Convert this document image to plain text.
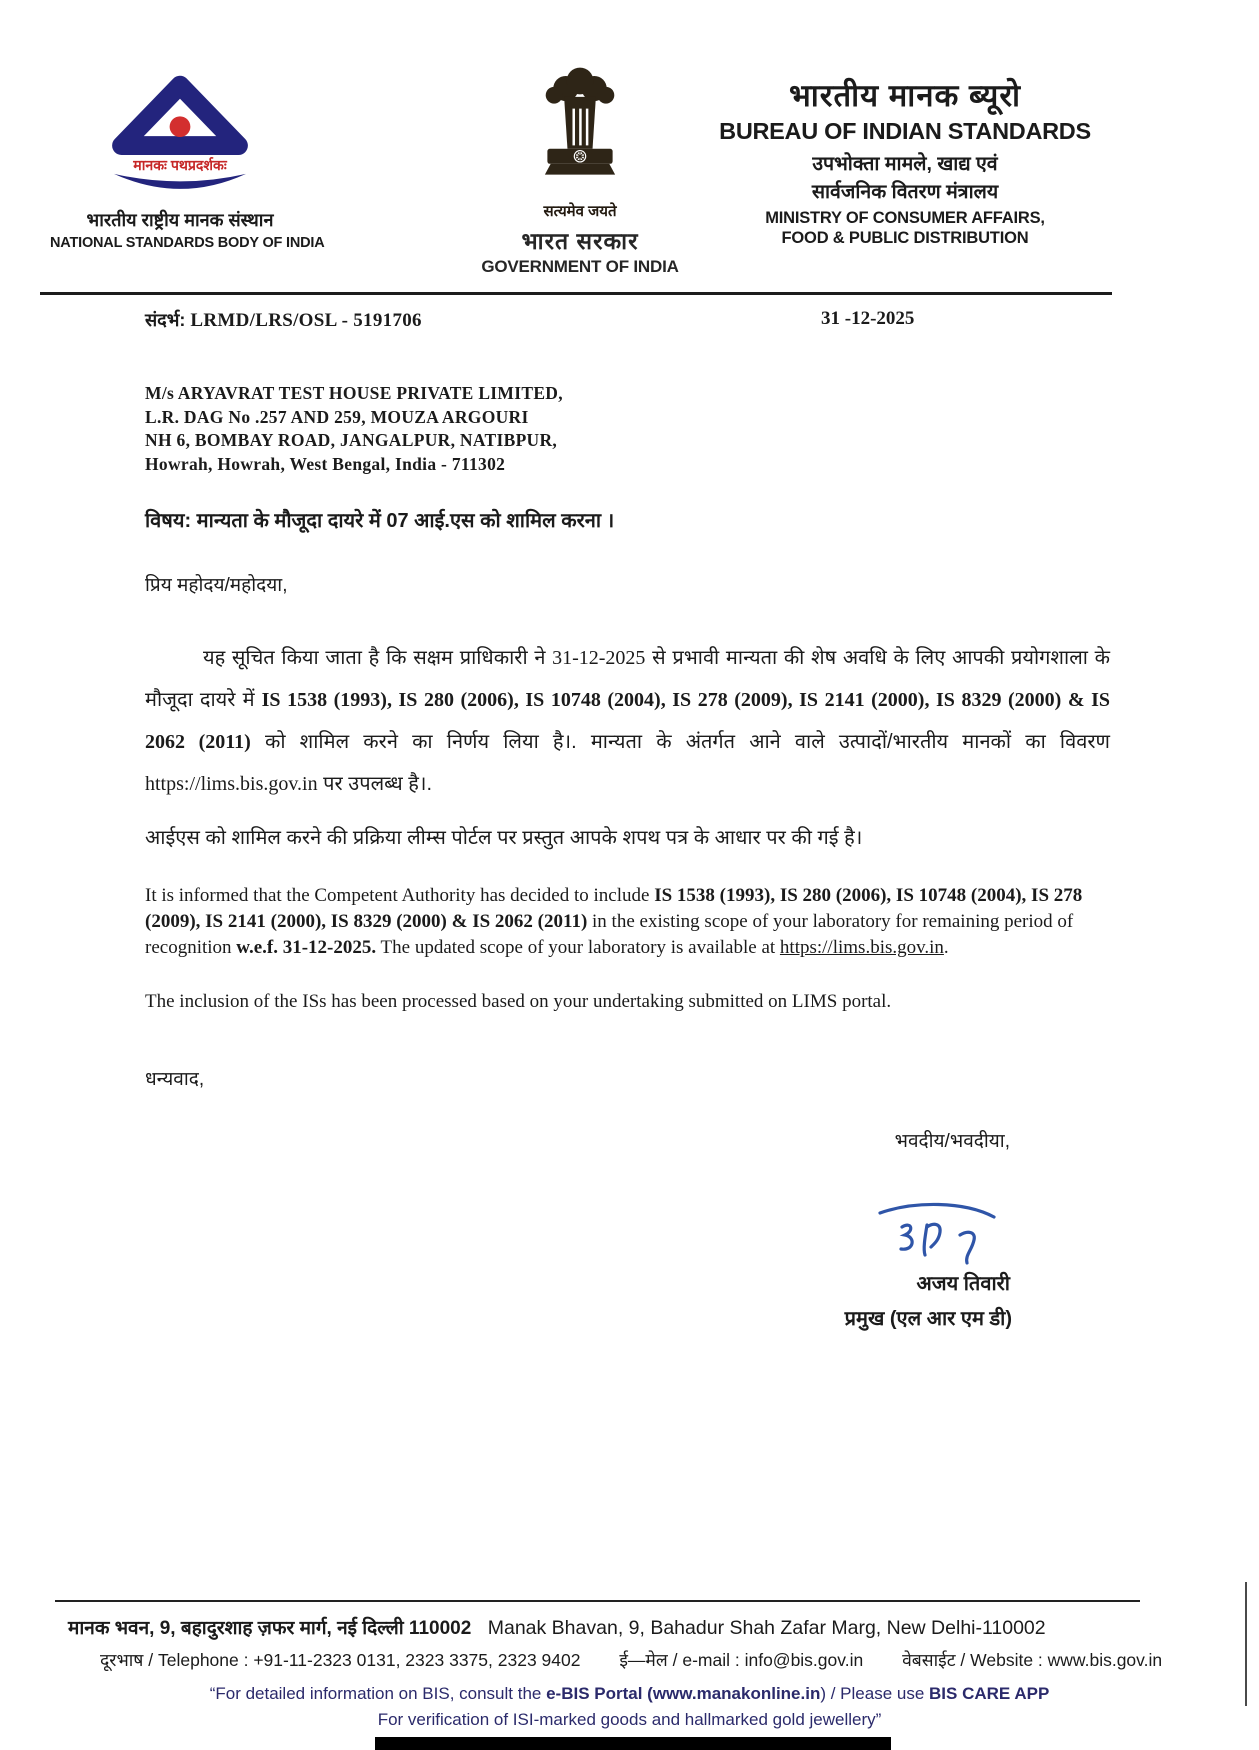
मानकः पथप्रदर्शकः
भारतीय राष्ट्रीय मानक संस्थान
NATIONAL STANDARDS BODY OF INDIA
सत्यमेव जयते
भारत सरकार
GOVERNMENT OF INDIA
भारतीय मानक ब्यूरो
BUREAU OF INDIAN STANDARDS
उपभोक्ता मामले, खाद्य एवं
सार्वजनिक वितरण मंत्रालय
MINISTRY OF CONSUMER AFFAIRS,
FOOD & PUBLIC DISTRIBUTION
संदर्भ: LRMD/LRS/OSL - 5191706	31 -12-2025
M/s ARYAVRAT TEST HOUSE PRIVATE LIMITED,
L.R. DAG No .257 AND 259, MOUZA ARGOURI
NH 6, BOMBAY ROAD, JANGALPUR, NATIBPUR,
Howrah, Howrah, West Bengal, India - 711302
विषय: मान्यता के मौजूदा दायरे में 07 आई.एस को शामिल करना ।
प्रिय महोदय/महोदया,
यह सूचित किया जाता है कि सक्षम प्राधिकारी ने 31-12-2025 से प्रभावी मान्यता की शेष अवधि के लिए आपकी प्रयोगशाला के मौजूदा दायरे में IS 1538 (1993), IS 280 (2006), IS 10748 (2004), IS 278 (2009), IS 2141 (2000), IS 8329 (2000) & IS 2062 (2011) को शामिल करने का निर्णय लिया है।. मान्यता के अंतर्गत आने वाले उत्पादों/भारतीय मानकों का विवरण https://lims.bis.gov.in पर उपलब्ध है।.
आईएस को शामिल करने की प्रक्रिया लीम्स पोर्टल पर प्रस्तुत आपके शपथ पत्र के आधार पर की गई है।
It is informed that the Competent Authority has decided to include IS 1538 (1993), IS 280 (2006), IS 10748 (2004), IS 278 (2009), IS 2141 (2000), IS 8329 (2000) & IS 2062 (2011) in the existing scope of your laboratory for remaining period of recognition w.e.f. 31-12-2025. The updated scope of your laboratory is available at https://lims.bis.gov.in.
The inclusion of the ISs has been processed based on your undertaking submitted on LIMS portal.
धन्यवाद,
भवदीय/भवदीया,
अजय तिवारी
प्रमुख (एल आर एम डी)
मानक भवन, 9, बहादुरशाह ज़फर मार्ग, नई दिल्ली 110002 Manak Bhavan, 9, Bahadur Shah Zafar Marg, New Delhi-110002
दूरभाष / Telephone : +91-11-2323 0131, 2323 3375, 2323 9402 ई—मेल / e-mail : info@bis.gov.in वेबसाईट / Website : www.bis.gov.in
“For detailed information on BIS, consult the e-BIS Portal (www.manakonline.in) / Please use BIS CARE APP
For verification of ISI-marked goods and hallmarked gold jewellery”
